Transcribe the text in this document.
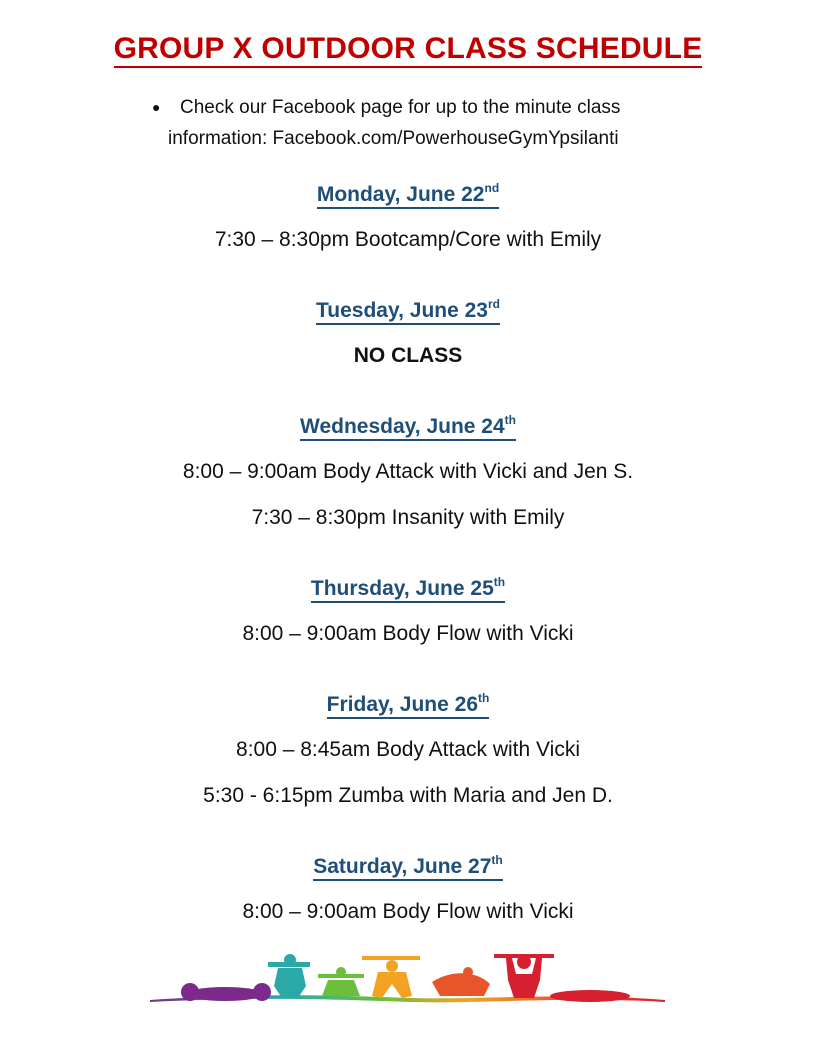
GROUP X OUTDOOR CLASS SCHEDULE
●	Check our Facebook page for up to the minute class
information: Facebook.com/PowerhouseGymYpsilanti
Monday, June 22nd
7:30 – 8:30pm Bootcamp/Core with Emily
Tuesday, June 23rd
NO CLASS
Wednesday, June 24th
8:00 – 9:00am Body Attack with Vicki and Jen S.
7:30 – 8:30pm Insanity with Emily
Thursday, June 25th
8:00 – 9:00am Body Flow with Vicki
Friday, June 26th
8:00 – 8:45am Body Attack with Vicki
5:30 - 6:15pm Zumba with Maria and Jen D.
Saturday, June 27th
8:00 – 9:00am Body Flow with Vicki
